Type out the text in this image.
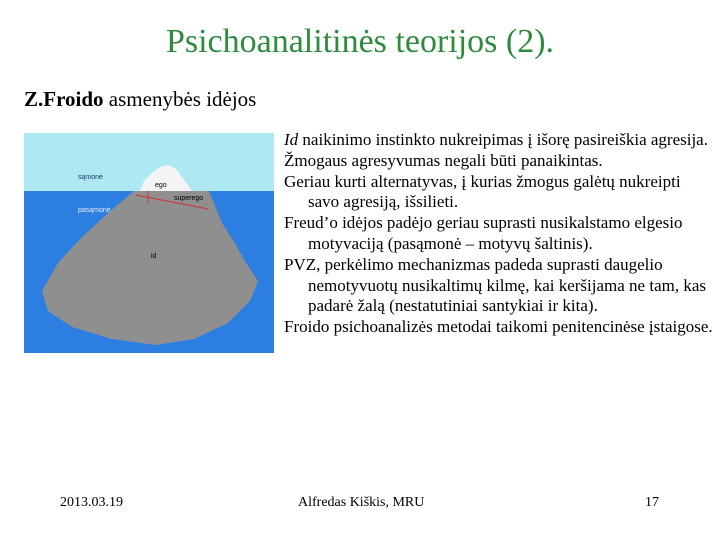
Psichoanalitinės teorijos (2).
Z.Froido asmenybės idėjos
sąmonė
ego
superego
pasąmonė
id

Id naikinimo instinkto nukreipimas į išorę pasireiškia agresija.

Žmogaus agresyvumas negali būti panaikintas.

Geriau kurti alternatyvas, į kurias žmogus galėtų nukreipti savo agresiją, išsilieti.

Freud’o idėjos padėjo geriau suprasti nusikalstamo elgesio motyvaciją (pasąmonė – motyvų šaltinis).

PVZ, perkėlimo mechanizmas padeda suprasti daugelio nemotyvuotų nusikaltimų kilmę, kai keršijama ne tam, kas padarė žalą (nestatutiniai santykiai ir kita).

Froido psichoanalizės metodai taikomi penitencinėse įstaigose.

2013.03.19	Alfredas Kiškis, MRU	17
